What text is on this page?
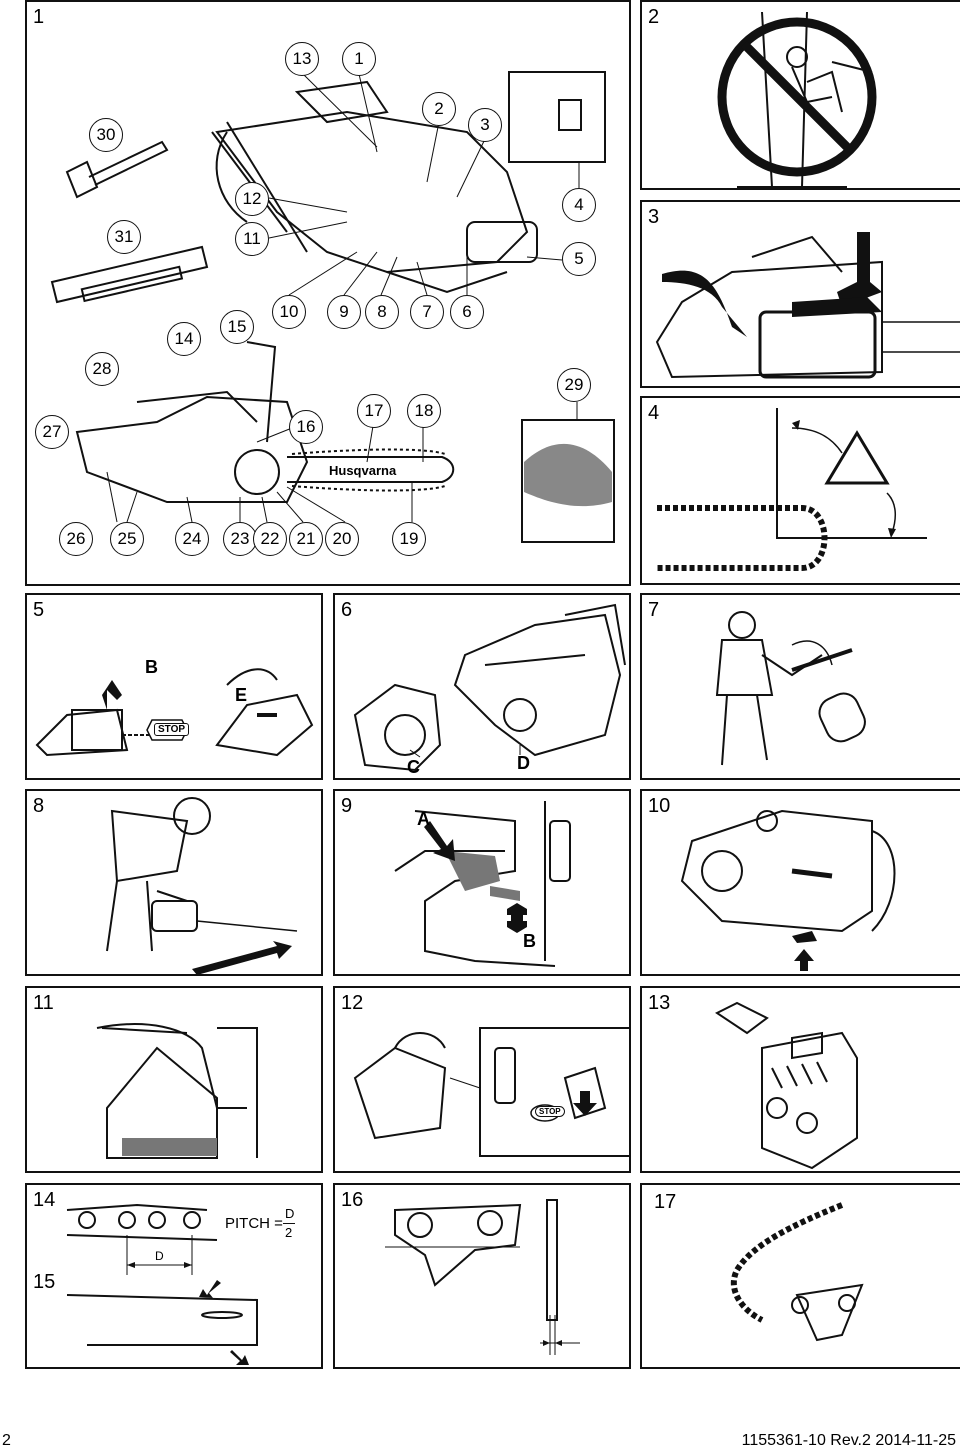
1
Husqvarna
13	1
30
2
3
12	4
31	11
5
10	9	8	7	6
14
15
28
29
27	16
17	18
26	25	24	23 22	21	20	19
2
3
4
5
B
E
STOP
6
C	D
7
8	9
A
B
10
11	12
STOP
13
14
15
PITCH =
D
2
D
16	17
2	1155361-10 Rev.2 2014-11-25
